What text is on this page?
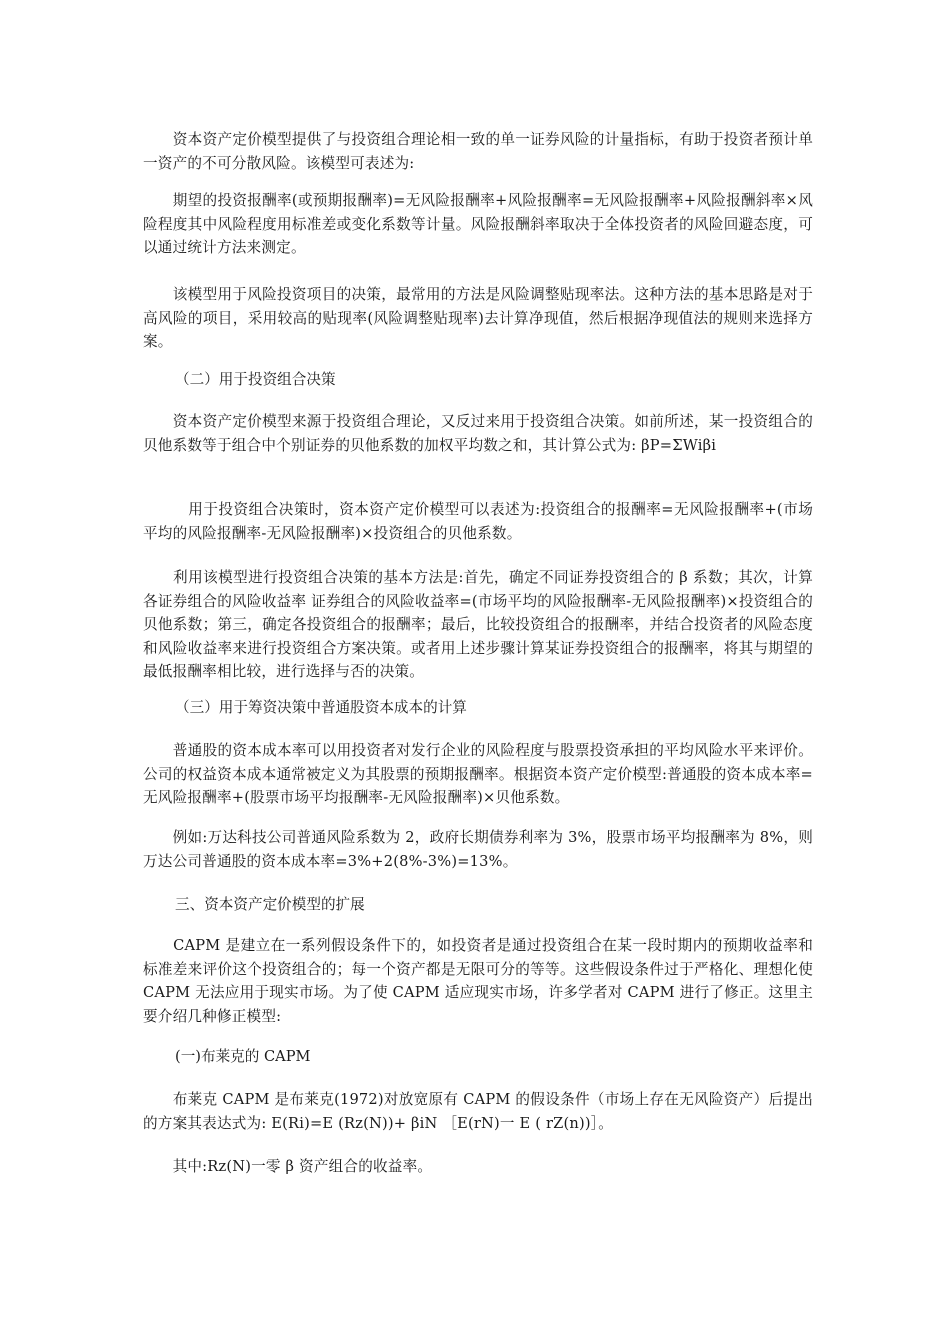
　　资本资产定价模型提供了与投资组合理论相一致的单一证券风险的计量指标，有助于投资者预计单一资产的不可分散风险。该模型可表述为:

　　期望的投资报酬率(或预期报酬率)=无风险报酬率+风险报酬率=无风险报酬率+风险报酬斜率×风险程度其中风险程度用标准差或变化系数等计量。风险报酬斜率取决于全体投资者的风险回避态度，可以通过统计方法来测定。

　　该模型用于风险投资项目的决策，最常用的方法是风险调整贴现率法。这种方法的基本思路是对于高风险的项目，采用较高的贴现率(风险调整贴现率)去计算净现值，然后根据净现值法的规则来选择方案。

（二）用于投资组合决策

　　资本资产定价模型来源于投资组合理论，又反过来用于投资组合决策。如前所述，某一投资组合的贝他系数等于组合中个别证券的贝他系数的加权平均数之和，其计算公式为: βP=ΣWiβi

　　　用于投资组合决策时，资本资产定价模型可以表述为:投资组合的报酬率=无风险报酬率+(市场平均的风险报酬率-无风险报酬率)×投资组合的贝他系数。

　　利用该模型进行投资组合决策的基本方法是:首先，确定不同证券投资组合的 β 系数；其次，计算各证券组合的风险收益率 证券组合的风险收益率=(市场平均的风险报酬率-无风险报酬率)×投资组合的贝他系数；第三，确定各投资组合的报酬率；最后，比较投资组合的报酬率，并结合投资者的风险态度和风险收益率来进行投资组合方案决策。或者用上述步骤计算某证券投资组合的报酬率，将其与期望的最低报酬率相比较，进行选择与否的决策。

（三）用于筹资决策中普通股资本成本的计算

　　普通股的资本成本率可以用投资者对发行企业的风险程度与股票投资承担的平均风险水平来评价。公司的权益资本成本通常被定义为其股票的预期报酬率。根据资本资产定价模型:普通股的资本成本率=无风险报酬率+(股票市场平均报酬率-无风险报酬率)×贝他系数。

　　例如:万达科技公司普通风险系数为 2，政府长期债券利率为 3%，股票市场平均报酬率为 8%，则万达公司普通股的资本成本率=3%+2(8%-3%)=13%。

三、资本资产定价模型的扩展

　　CAPM 是建立在一系列假设条件下的，如投资者是通过投资组合在某一段时期内的预期收益率和标准差来评价这个投资组合的；每一个资产都是无限可分的等等。这些假设条件过于严格化、理想化使 CAPM 无法应用于现实市场。为了使 CAPM 适应现实市场，许多学者对 CAPM 进行了修正。这里主要介绍几种修正模型:

(一)布莱克的 CAPM

　　布莱克 CAPM 是布莱克(1972)对放宽原有 CAPM 的假设条件（市场上存在无风险资产）后提出的方案其表达式为: E(Ri)=E (Rz(N))+ βiN ［E(rN)一 E ( rZ(n))］。

　　其中:Rz(N)一零 β 资产组合的收益率。
